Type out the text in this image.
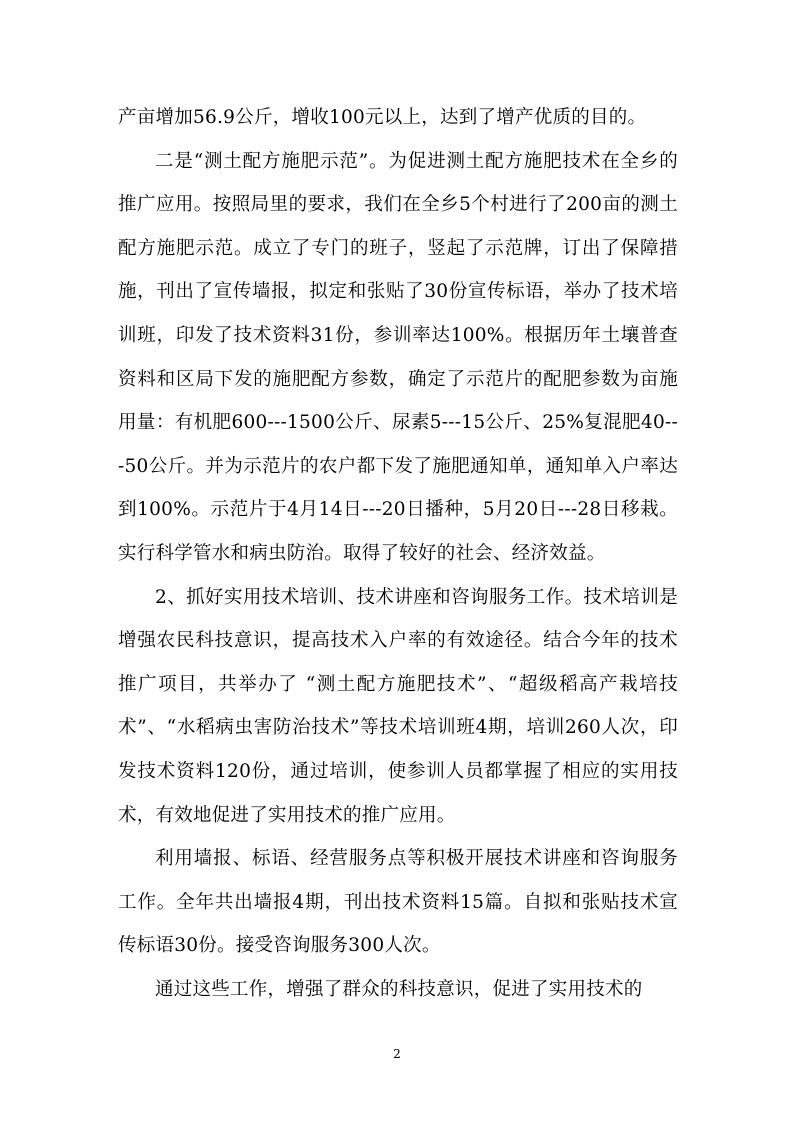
产亩增加56.9公斤，增收100元以上，达到了增产优质的目的。

二是“测土配方施肥示范”。为促进测土配方施肥技术在全乡的推广应用。按照局里的要求，我们在全乡5个村进行了200亩的测土配方施肥示范。成立了专门的班子，竖起了示范牌，订出了保障措施，刊出了宣传墙报，拟定和张贴了30份宣传标语，举办了技术培训班，印发了技术资料31份，参训率达100%。根据历年土壤普查资料和区局下发的施肥配方参数，确定了示范片的配肥参数为亩施用量：有机肥600---1500公斤、尿素5---15公斤、25%复混肥40---50公斤。并为示范片的农户都下发了施肥通知单，通知单入户率达到100%。示范片于4月14日---20日播种，5月20日---28日移栽。实行科学管水和病虫防治。取得了较好的社会、经济效益。

2、抓好实用技术培训、技术讲座和咨询服务工作。技术培训是增强农民科技意识，提高技术入户率的有效途径。结合今年的技术推广项目，共举办了 “测土配方施肥技术”、“超级稻高产栽培技术”、“水稻病虫害防治技术”等技术培训班4期，培训260人次，印发技术资料120份，通过培训，使参训人员都掌握了相应的实用技术，有效地促进了实用技术的推广应用。

利用墙报、标语、经营服务点等积极开展技术讲座和咨询服务工作。全年共出墙报4期，刊出技术资料15篇。自拟和张贴技术宣传标语30份。接受咨询服务300人次。

通过这些工作，增强了群众的科技意识，促进了实用技术的

2
